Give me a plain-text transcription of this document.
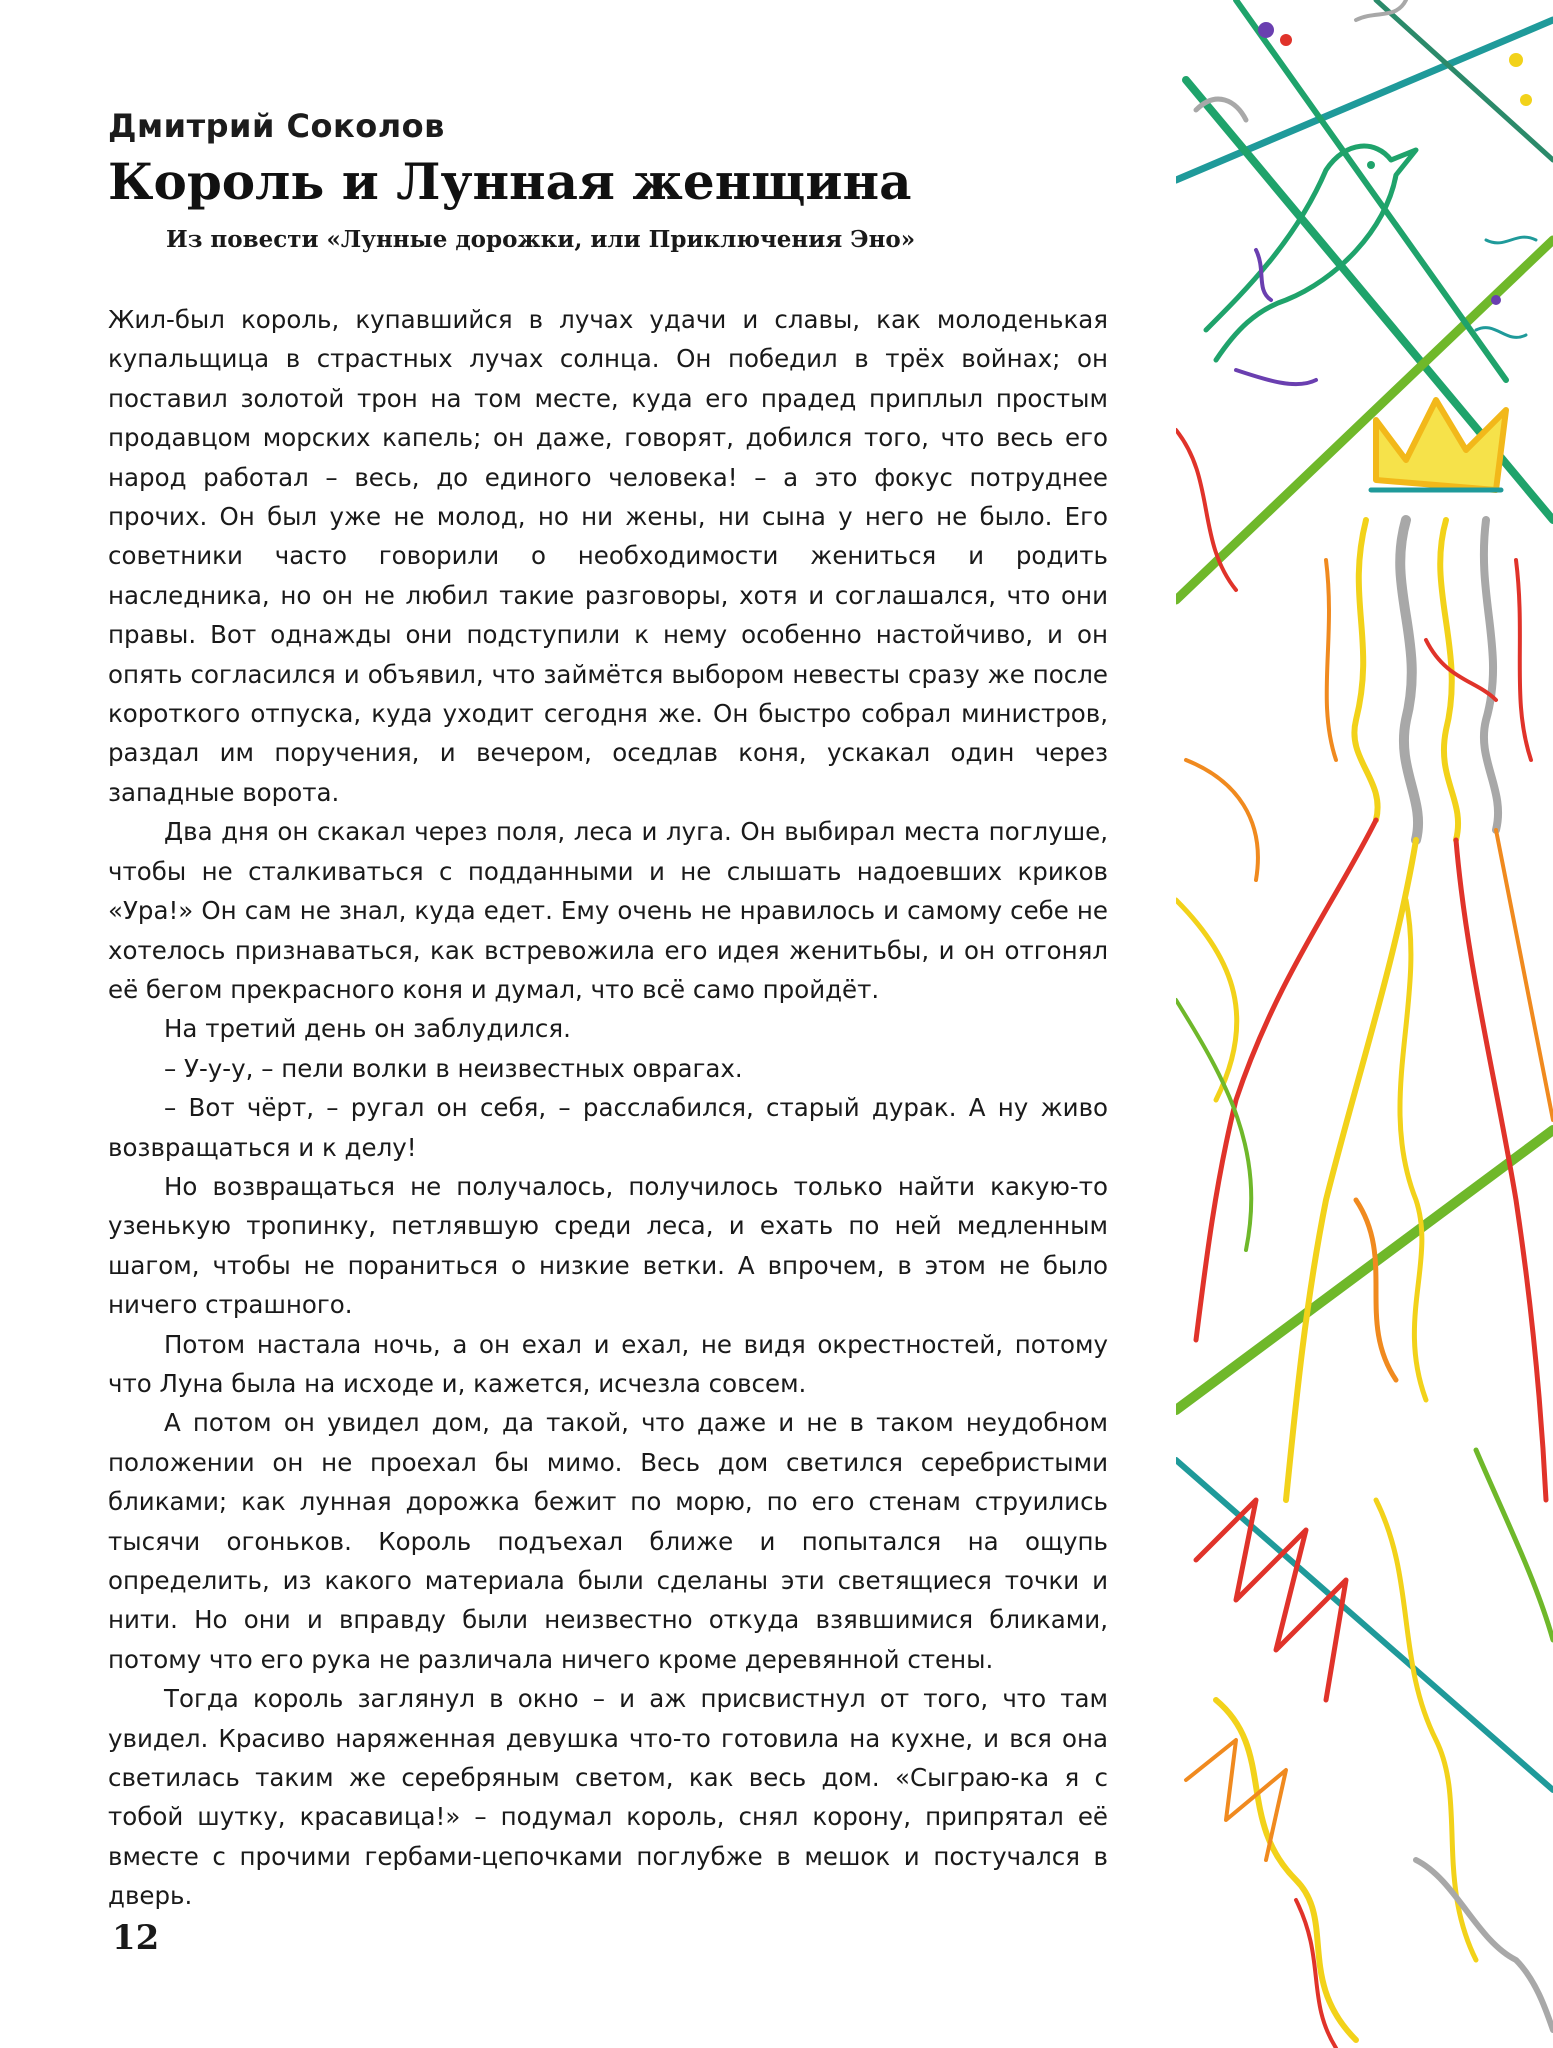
Дмитрий Соколов
Король и Лунная женщина
Из повести «Лунные дорожки, или Приключения Эно»

Жил-был король, купавшийся в лучах удачи и славы, как молоденькая купальщица в страстных лучах солнца. Он победил в трёх войнах; он поставил золотой трон на том месте, куда его прадед приплыл простым продавцом морских капель; он даже, говорят, добился того, что весь его народ работал – весь, до единого человека! – а это фокус потруднее прочих. Он был уже не молод, но ни жены, ни сына у него не было. Его советники часто говорили о необходимости жениться и родить наследника, но он не любил такие разговоры, хотя и соглашался, что они правы. Вот однажды они подступили к нему особенно настойчиво, и он опять согласился и объявил, что займётся выбором невесты сразу же после короткого отпуска, куда уходит сегодня же. Он быстро собрал министров, раздал им поручения, и вечером, оседлав коня, ускакал один через западные ворота.

Два дня он скакал через поля, леса и луга. Он выбирал места поглуше, чтобы не сталкиваться с подданными и не слышать надоевших криков «Ура!» Он сам не знал, куда едет. Ему очень не нравилось и самому себе не хотелось признаваться, как встревожила его идея женитьбы, и он отгонял её бегом прекрасного коня и думал, что всё само пройдёт.

На третий день он заблудился.

– У-у-у, – пели волки в неизвестных оврагах.

– Вот чёрт, – ругал он себя, – расслабился, старый дурак. А ну живо возвращаться и к делу!

Но возвращаться не получалось, получилось только найти какую-то узенькую тропинку, петлявшую среди леса, и ехать по ней медленным шагом, чтобы не пораниться о низкие ветки. А впрочем, в этом не было ничего страшного.

Потом настала ночь, а он ехал и ехал, не видя окрестностей, потому что Луна была на исходе и, кажется, исчезла совсем.

А потом он увидел дом, да такой, что даже и не в таком неудобном положении он не проехал бы мимо. Весь дом светился серебристыми бликами; как лунная дорожка бежит по морю, по его стенам струились тысячи огоньков. Король подъехал ближе и попытался на ощупь определить, из какого материала были сделаны эти светящиеся точки и нити. Но они и вправду были неизвестно откуда взявшимися бликами, потому что его рука не различала ничего кроме деревянной стены.

Тогда король заглянул в окно – и аж присвистнул от того, что там увидел. Красиво наряженная девушка что-то готовила на кухне, и вся она светилась таким же серебряным светом, как весь дом. «Сыграю-ка я с тобой шутку, красавица!» – подумал король, снял корону, припрятал её вместе с прочими гербами-цепочками поглубже в мешок и постучался в дверь.

12
